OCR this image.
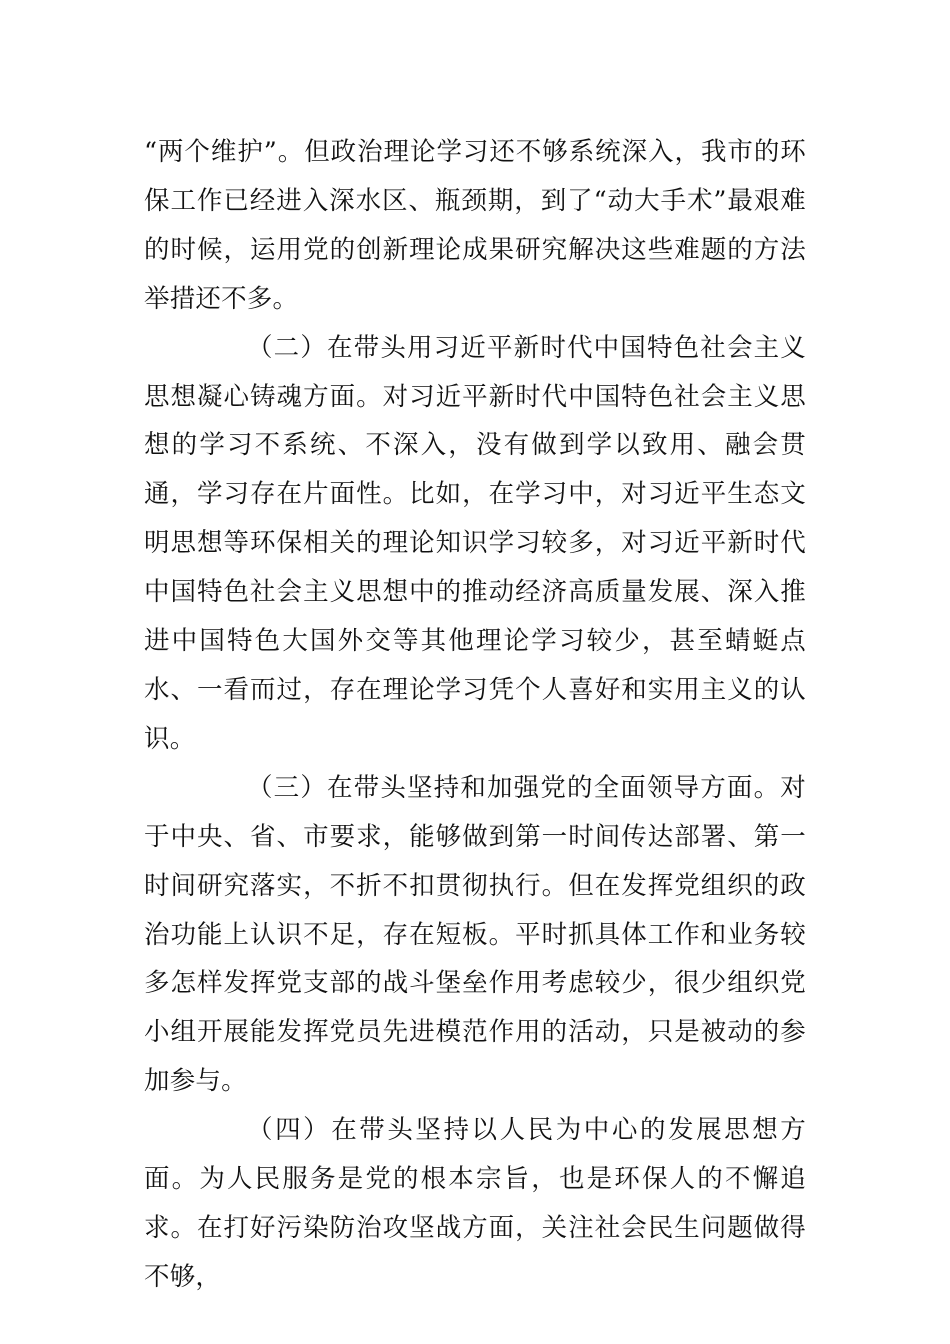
“两个维护”。但政治理论学习还不够系统深入，我市的环保工作已经进入深水区、瓶颈期，到了“动大手术”最艰难的时候，运用党的创新理论成果研究解决这些难题的方法举措还不多。

（二）在带头用习近平新时代中国特色社会主义思想凝心铸魂方面。对习近平新时代中国特色社会主义思想的学习不系统、不深入，没有做到学以致用、融会贯通，学习存在片面性。比如，在学习中，对习近平生态文明思想等环保相关的理论知识学习较多，对习近平新时代中国特色社会主义思想中的推动经济高质量发展、深入推进中国特色大国外交等其他理论学习较少，甚至蜻蜓点水、一看而过，存在理论学习凭个人喜好和实用主义的认识。

（三）在带头坚持和加强党的全面领导方面。对于中央、省、市要求，能够做到第一时间传达部署、第一时间研究落实，不折不扣贯彻执行。但在发挥党组织的政治功能上认识不足，存在短板。平时抓具体工作和业务较多怎样发挥党支部的战斗堡垒作用考虑较少，很少组织党小组开展能发挥党员先进模范作用的活动，只是被动的参加参与。

（四）在带头坚持以人民为中心的发展思想方面。为人民服务是党的根本宗旨，也是环保人的不懈追求。在打好污染防治攻坚战方面，关注社会民生问题做得不够，
